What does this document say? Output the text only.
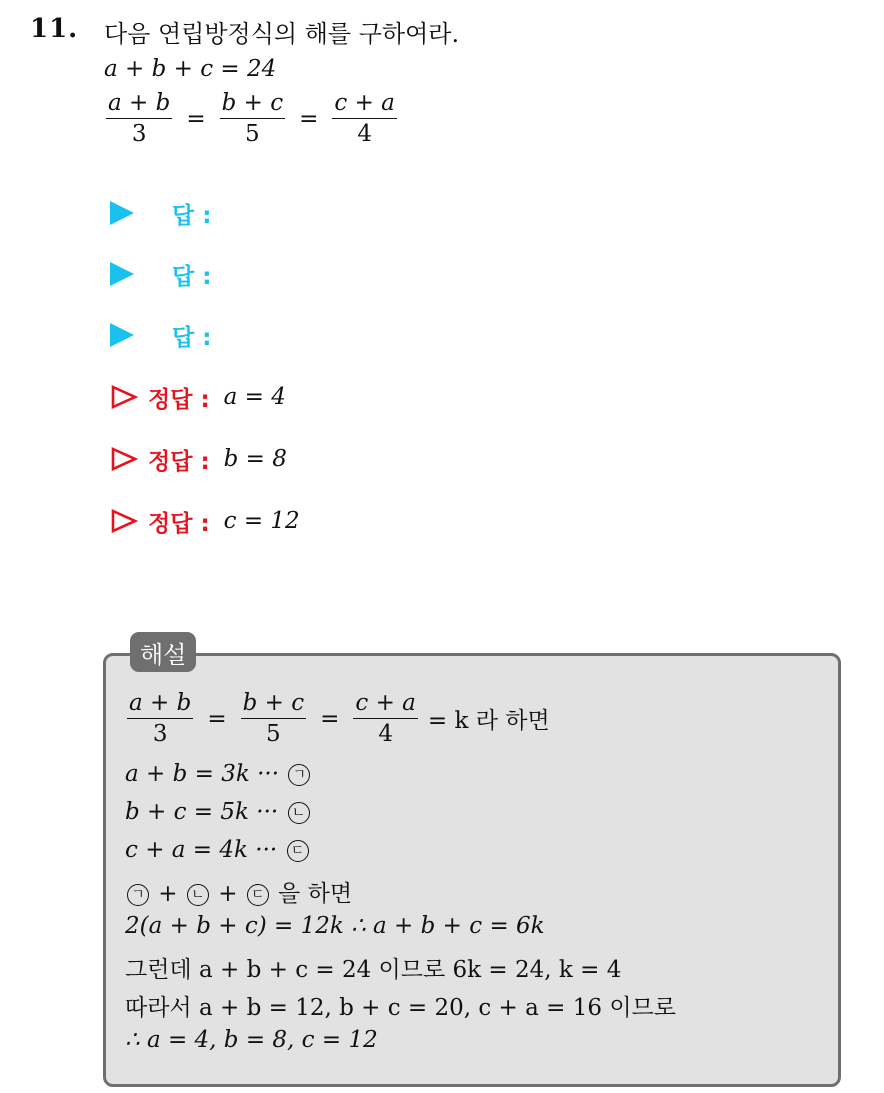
11. 다음 연립방정식의 해를 구하여라.
a + b + c = 24
$\frac{a + b}{3} = \frac{b + c}{5} = \frac{c + a}{4}$
답 :
답 :
답 :
정답 : a = 4
정답 : b = 8
정답 : c = 12
해설
$\frac{a + b}{3} = \frac{b + c}{5} = \frac{c + a}{4} = k$ 라 하면
a + b = 3k ··· ㄱ
b + c = 5k ··· ㄴ
c + a = 4k ··· ㄷ
ㄱ + ㄴ + ㄷ 을 하면
2(a + b + c) = 12k ∴ a + b + c = 6k
그런데 a + b + c = 24 이므로 6k = 24, k = 4
따라서 a + b = 12, b + c = 20, c + a = 16 이므로
∴ a = 4, b = 8, c = 12
